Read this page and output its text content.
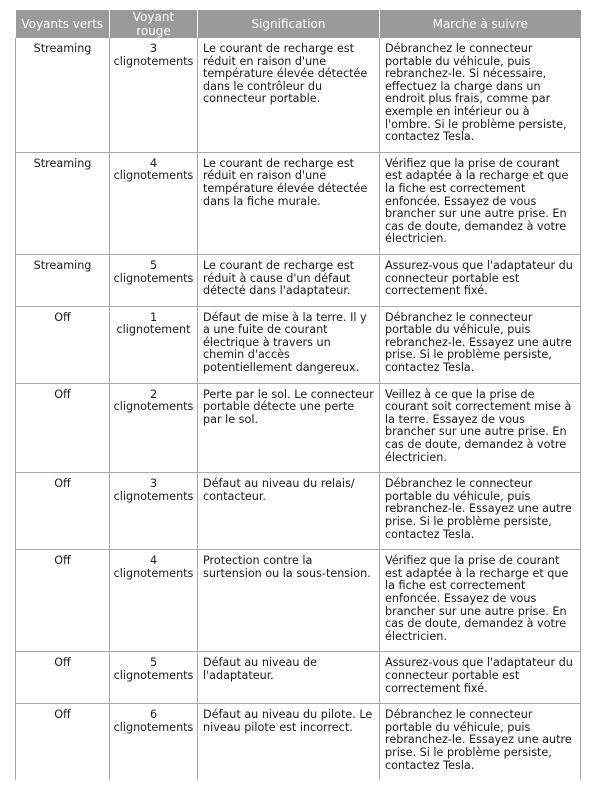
Voyants verts	Voyant rouge	Signification	Marche à suivre
Streaming	3 clignotements	Le courant de recharge est réduit en raison d'une température élevée détectée dans le contrôleur du connecteur portable.	Débranchez le connecteur portable du véhicule, puis rebranchez-le. Si nécessaire, effectuez la charge dans un endroit plus frais, comme par exemple en intérieur ou à l'ombre. Si le problème persiste, contactez Tesla.
Streaming	4 clignotements	Le courant de recharge est réduit en raison d'une température élevée détectée dans la fiche murale.	Vérifiez que la prise de courant est adaptée à la recharge et que la fiche est correctement enfoncée. Essayez de vous brancher sur une autre prise. En cas de doute, demandez à votre électricien.
Streaming	5 clignotements	Le courant de recharge est réduit à cause d'un défaut détecté dans l'adaptateur.	Assurez-vous que l'adaptateur du connecteur portable est correctement fixé.
Off	1 clignotement	Défaut de mise à la terre. Il y a une fuite de courant électrique à travers un chemin d'accès potentiellement dangereux.	Débranchez le connecteur portable du véhicule, puis rebranchez-le. Essayez une autre prise. Si le problème persiste, contactez Tesla.
Off	2 clignotements	Perte par le sol. Le connecteur portable détecte une perte par le sol.	Veillez à ce que la prise de courant soit correctement mise à la terre. Essayez de vous brancher sur une autre prise. En cas de doute, demandez à votre électricien.
Off	3 clignotements	Défaut au niveau du relais/ contacteur.	Débranchez le connecteur portable du véhicule, puis rebranchez-le. Essayez une autre prise. Si le problème persiste, contactez Tesla.
Off	4 clignotements	Protection contre la surtension ou la sous-tension.	Vérifiez que la prise de courant est adaptée à la recharge et que la fiche est correctement enfoncée. Essayez de vous brancher sur une autre prise. En cas de doute, demandez à votre électricien.
Off	5 clignotements	Défaut au niveau de l'adaptateur.	Assurez-vous que l'adaptateur du connecteur portable est correctement fixé.
Off	6 clignotements	Défaut au niveau du pilote. Le niveau pilote est incorrect.	Débranchez le connecteur portable du véhicule, puis rebranchez-le. Essayez une autre prise. Si le problème persiste, contactez Tesla.
